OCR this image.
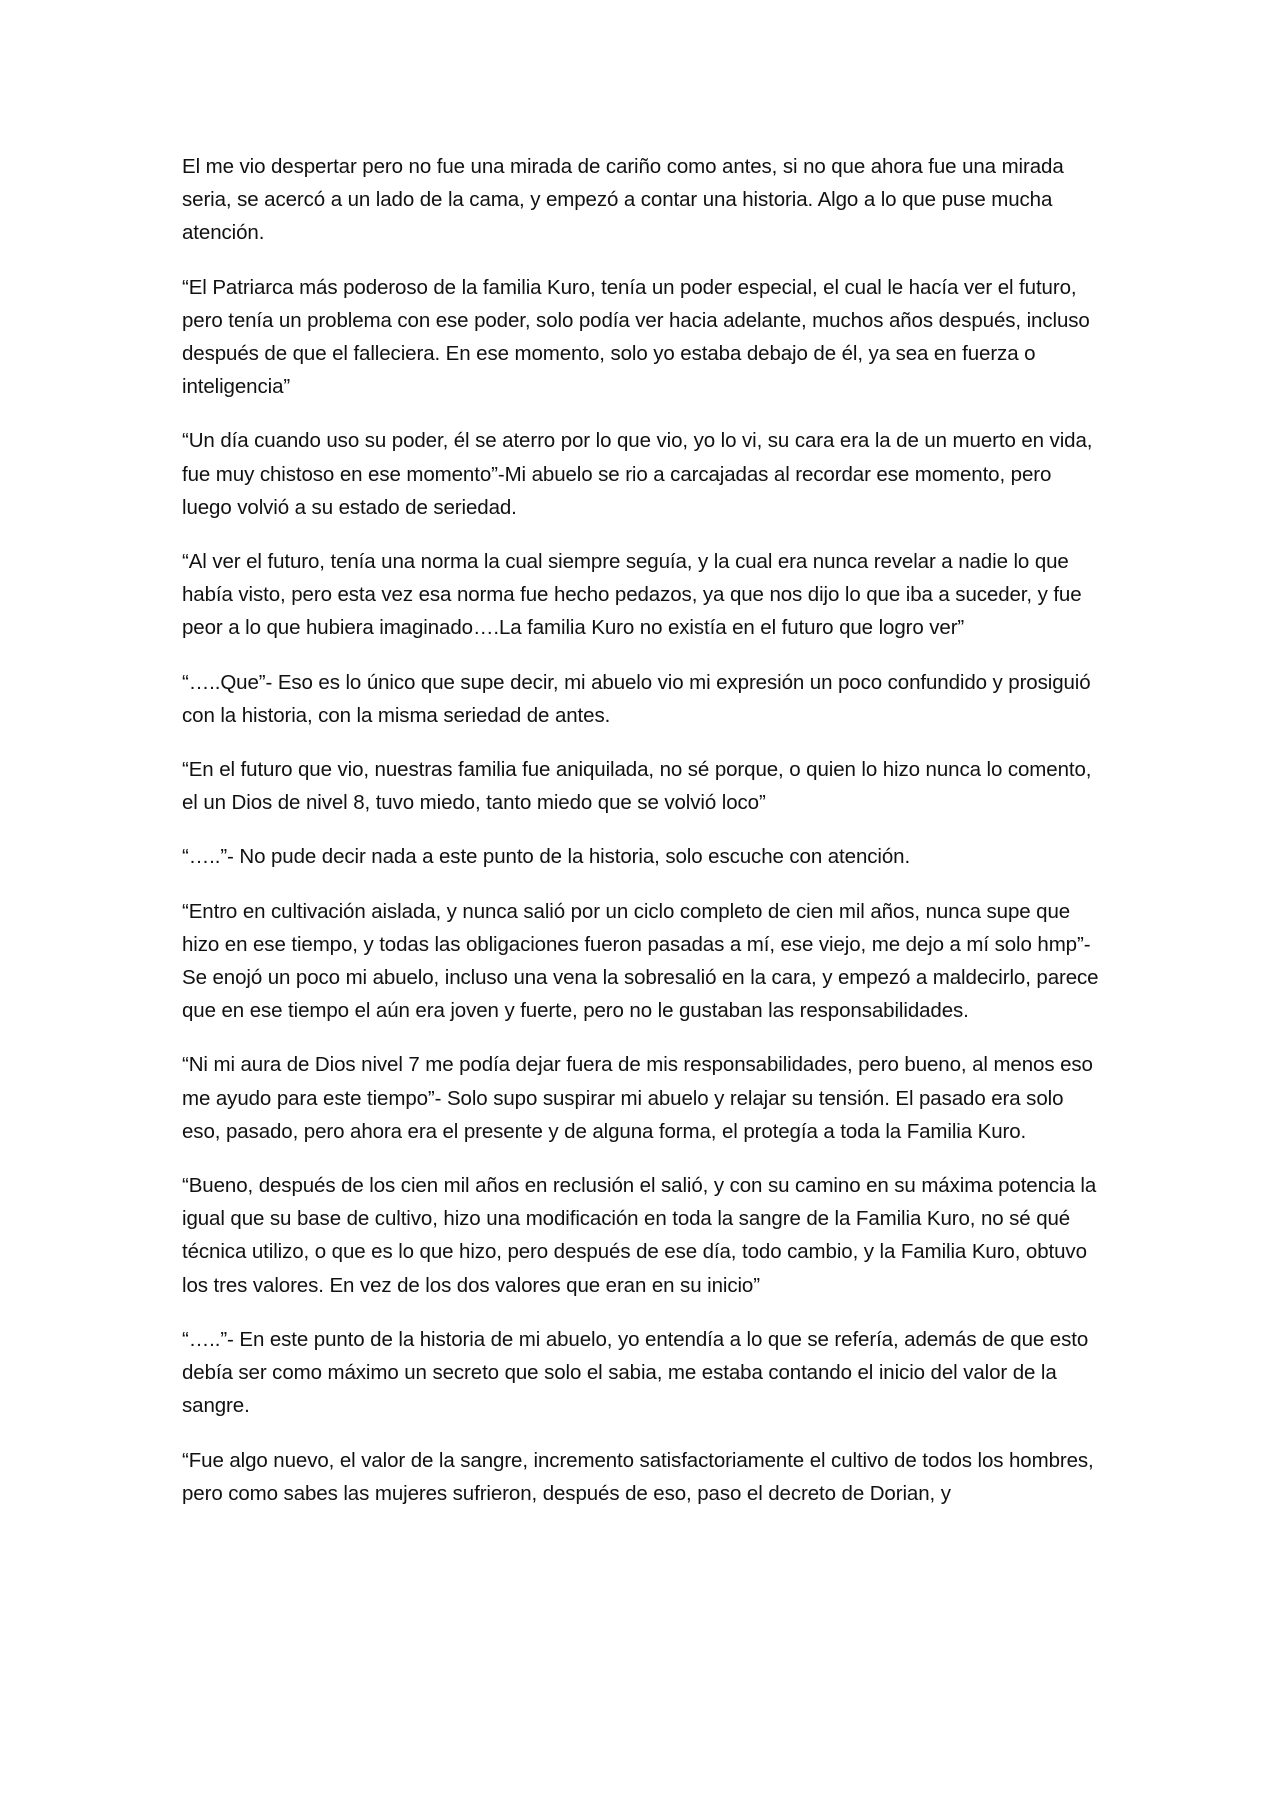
El me vio despertar pero no fue una mirada de cariño como antes, si no que ahora fue una mirada seria, se acercó a un lado de la cama, y empezó a contar una historia. Algo a lo que puse mucha atención.

“El Patriarca más poderoso de la familia Kuro, tenía un poder especial, el cual le hacía ver el futuro, pero tenía un problema con ese poder, solo podía ver hacia adelante, muchos años después, incluso después de que el falleciera. En ese momento, solo yo estaba debajo de él, ya sea en fuerza o inteligencia”

“Un día cuando uso su poder, él se aterro por lo que vio, yo lo vi, su cara era la de un muerto en vida, fue muy chistoso en ese momento”-Mi abuelo se rio a carcajadas al recordar ese momento, pero luego volvió a su estado de seriedad.

“Al ver el futuro, tenía una norma la cual siempre seguía, y la cual era nunca revelar a nadie lo que había visto, pero esta vez esa norma fue hecho pedazos, ya que nos dijo lo que iba a suceder, y fue peor a lo que hubiera imaginado….La familia Kuro no existía en el futuro que logro ver”

“…..Que”- Eso es lo único que supe decir, mi abuelo vio mi expresión un poco confundido y prosiguió con la historia, con la misma seriedad de antes.

“En el futuro que vio, nuestras familia fue aniquilada, no sé porque, o quien lo hizo nunca lo comento, el un Dios de nivel 8, tuvo miedo, tanto miedo que se volvió loco”

“…..”- No pude decir nada a este punto de la historia, solo escuche con atención.

“Entro en cultivación aislada, y nunca salió por un ciclo completo de cien mil años, nunca supe que hizo en ese tiempo, y todas las obligaciones fueron pasadas a mí, ese viejo, me dejo a mí solo hmp”- Se enojó un poco mi abuelo, incluso una vena la sobresalió en la cara, y empezó a maldecirlo, parece que en ese tiempo el aún era joven y fuerte, pero no le gustaban las responsabilidades.

“Ni mi aura de Dios nivel 7 me podía dejar fuera de mis responsabilidades, pero bueno, al menos eso me ayudo para este tiempo”- Solo supo suspirar mi abuelo y relajar su tensión. El pasado era solo eso, pasado, pero ahora era el presente y de alguna forma, el protegía a toda la Familia Kuro.

“Bueno, después de los cien mil años en reclusión el salió, y con su camino en su máxima potencia la igual que su base de cultivo, hizo una modificación en toda la sangre de la Familia Kuro, no sé qué técnica utilizo, o que es lo que hizo, pero después de ese día, todo cambio, y la Familia Kuro, obtuvo los tres valores. En vez de los dos valores que eran en su inicio”

“…..”- En este punto de la historia de mi abuelo, yo entendía a lo que se refería, además de que esto debía ser como máximo un secreto que solo el sabia, me estaba contando el inicio del valor de la sangre.

“Fue algo nuevo, el valor de la sangre, incremento satisfactoriamente el cultivo de todos los hombres, pero como sabes las mujeres sufrieron, después de eso, paso el decreto de Dorian, y
